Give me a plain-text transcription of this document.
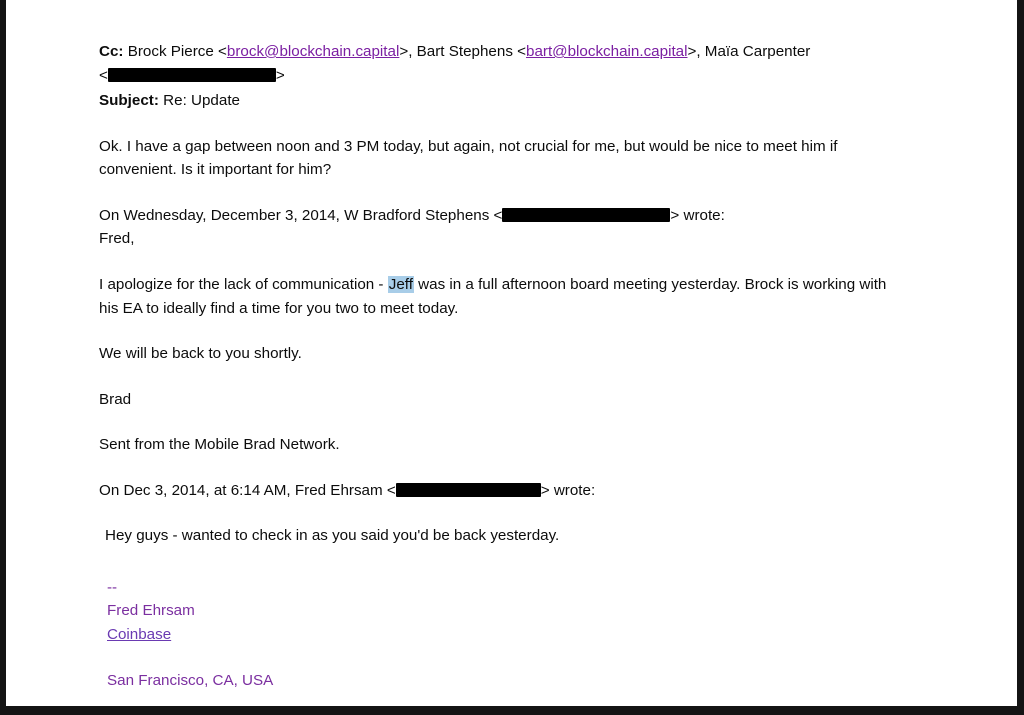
Cc: Brock Pierce <brock@blockchain.capital>, Bart Stephens <bart@blockchain.capital>, Maïa Carpenter
<	>
Subject: Re: Update
Ok. I have a gap between noon and 3 PM today, but again, not crucial for me, but would be nice to meet him if convenient. Is it important for him?
On Wednesday, December 3, 2014, W Bradford Stephens <	> wrote:
Fred,
I apologize for the lack of communication - Jeff was in a full afternoon board meeting yesterday. Brock is working with his EA to ideally find a time for you two to meet today.
We will be back to you shortly.
Brad
Sent from the Mobile Brad Network.
On Dec 3, 2014, at 6:14 AM, Fred Ehrsam <	> wrote:
Hey guys - wanted to check in as you said you'd be back yesterday.
--
Fred Ehrsam
Coinbase
San Francisco, CA, USA
